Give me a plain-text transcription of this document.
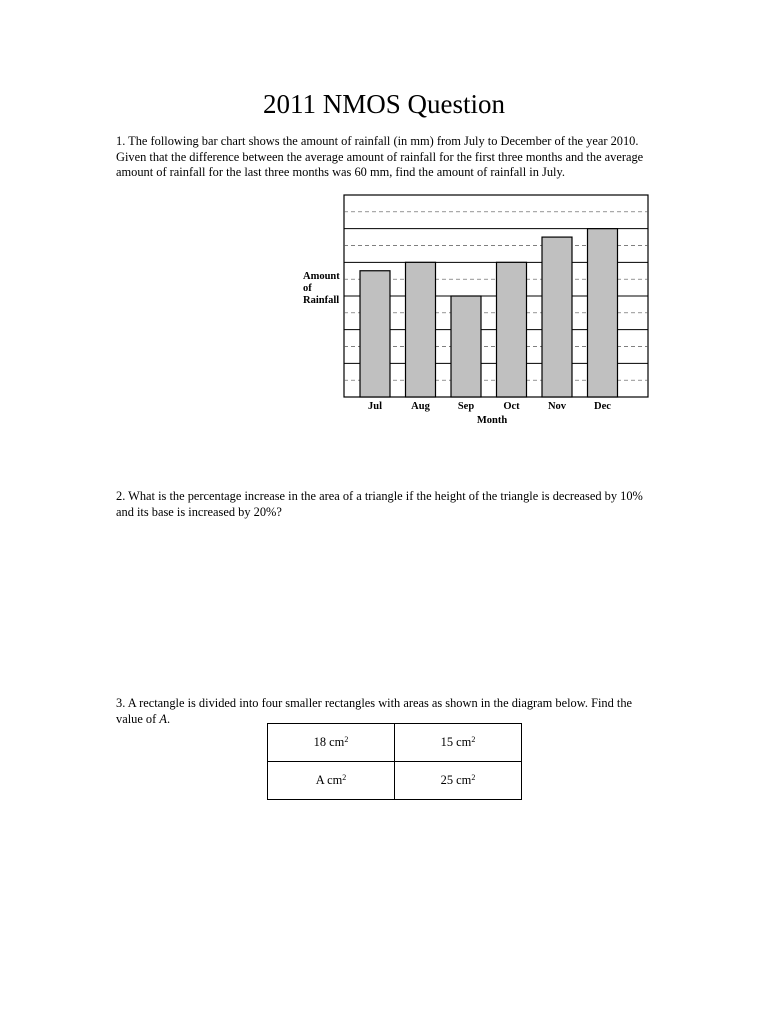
2011 NMOS Question
1. The following bar chart shows the amount of rainfall (in mm) from July to December of the year 2010. Given that the difference between the average amount of rainfall for the first three months and the average amount of rainfall for the last three months was 60 mm, find the amount of rainfall in July.
Jul	Aug	Sep	Oct	Nov	Dec
Amount
of
Rainfall
Month
2. What is the percentage increase in the area of a triangle if the height of the triangle is decreased by 10% and its base is increased by 20%?
3. A rectangle is divided into four smaller rectangles with areas as shown in the diagram below. Find the value of A.
18 $cm^2$	15 $cm^2$
A $cm^2$	25 $cm^2$
